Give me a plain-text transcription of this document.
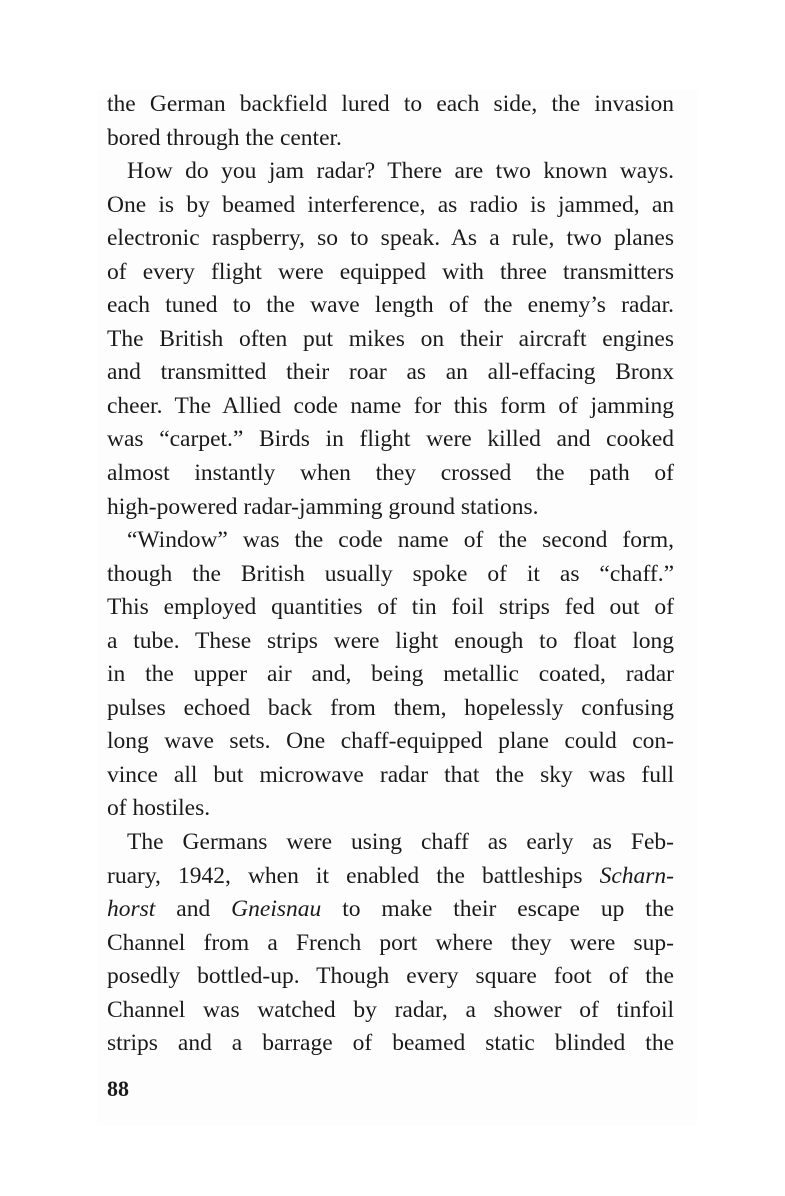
the German backfield lured to each side, the invasion
bored through the center.
How do you jam radar? There are two known ways.
One is by beamed interference, as radio is jammed, an
electronic raspberry, so to speak. As a rule, two planes
of every flight were equipped with three transmitters
each tuned to the wave length of the enemy’s radar.
The British often put mikes on their aircraft engines
and transmitted their roar as an all-effacing Bronx
cheer. The Allied code name for this form of jamming
was “carpet.” Birds in flight were killed and cooked
almost instantly when they crossed the path of
high-powered radar-jamming ground stations.
“Window” was the code name of the second form,
though the British usually spoke of it as “chaff.”
This employed quantities of tin foil strips fed out of
a tube. These strips were light enough to float long
in the upper air and, being metallic coated, radar
pulses echoed back from them, hopelessly confusing
long wave sets. One chaff-equipped plane could con-
vince all but microwave radar that the sky was full
of hostiles.
The Germans were using chaff as early as Feb-
ruary, 1942, when it enabled the battleships Scharn-
horst and Gneisnau to make their escape up the
Channel from a French port where they were sup-
posedly bottled-up. Though every square foot of the
Channel was watched by radar, a shower of tinfoil
strips and a barrage of beamed static blinded the
88
